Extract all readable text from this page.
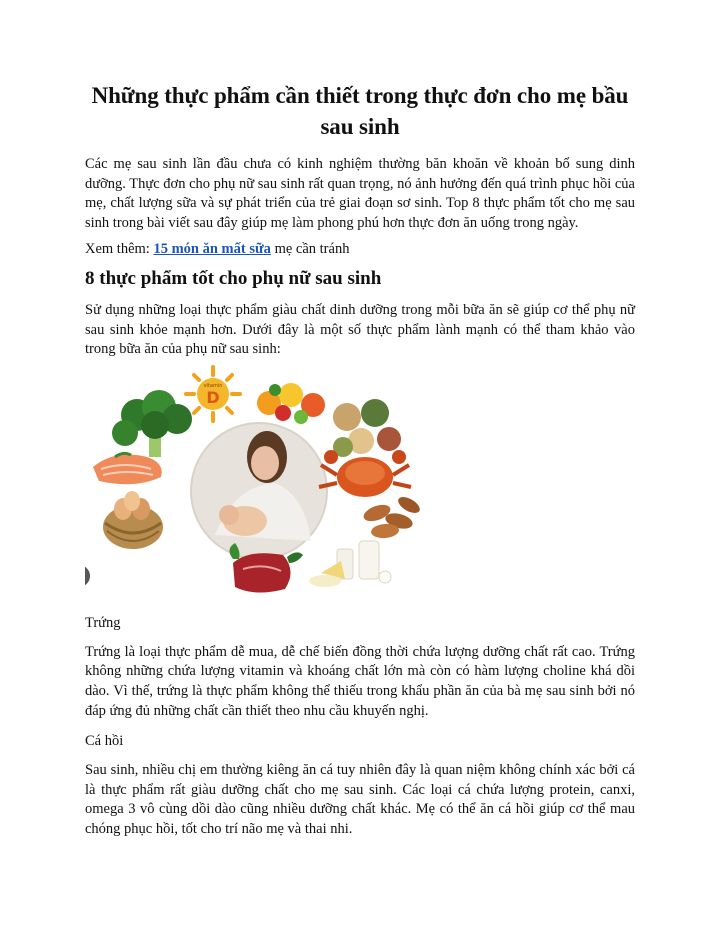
Những thực phẩm cần thiết trong thực đơn cho mẹ bầu sau sinh

Các mẹ sau sinh lần đầu chưa có kinh nghiệm thường băn khoăn về khoản bổ sung dinh dưỡng. Thực đơn cho phụ nữ sau sinh rất quan trọng, nó ảnh hưởng đến quá trình phục hồi của mẹ, chất lượng sữa và sự phát triển của trẻ giai đoạn sơ sinh. Top 8 thực phẩm tốt cho mẹ sau sinh trong bài viết sau đây giúp mẹ làm phong phú hơn thực đơn ăn uống trong ngày.

Xem thêm: 15 món ăn mất sữa mẹ cần tránh

8 thực phẩm tốt cho phụ nữ sau sinh

Sử dụng những loại thực phẩm giàu chất dinh dưỡng trong mỗi bữa ăn sẽ giúp cơ thể phụ nữ sau sinh khỏe mạnh hơn. Dưới đây là một số thực phẩm lành mạnh có thể tham khảo vào trong bữa ăn của phụ nữ sau sinh:

vitamin
D

Trứng

Trứng là loại thực phẩm dễ mua, dễ chế biến đồng thời chứa lượng dưỡng chất rất cao. Trứng không những chứa lượng vitamin và khoáng chất lớn mà còn có hàm lượng choline khá dồi dào. Vì thế, trứng là thực phẩm không thể thiếu trong khẩu phần ăn của bà mẹ sau sinh bởi nó đáp ứng đủ những chất cần thiết theo nhu cầu khuyến nghị.

Cá hồi

Sau sinh, nhiều chị em thường kiêng ăn cá tuy nhiên đây là quan niệm không chính xác bởi cá là thực phẩm rất giàu dưỡng chất cho mẹ sau sinh. Các loại cá chứa lượng protein, canxi, omega 3 vô cùng dồi dào cũng nhiều dưỡng chất khác. Mẹ có thể ăn cá hồi giúp cơ thể mau chóng phục hồi, tốt cho trí não mẹ và thai nhi.
